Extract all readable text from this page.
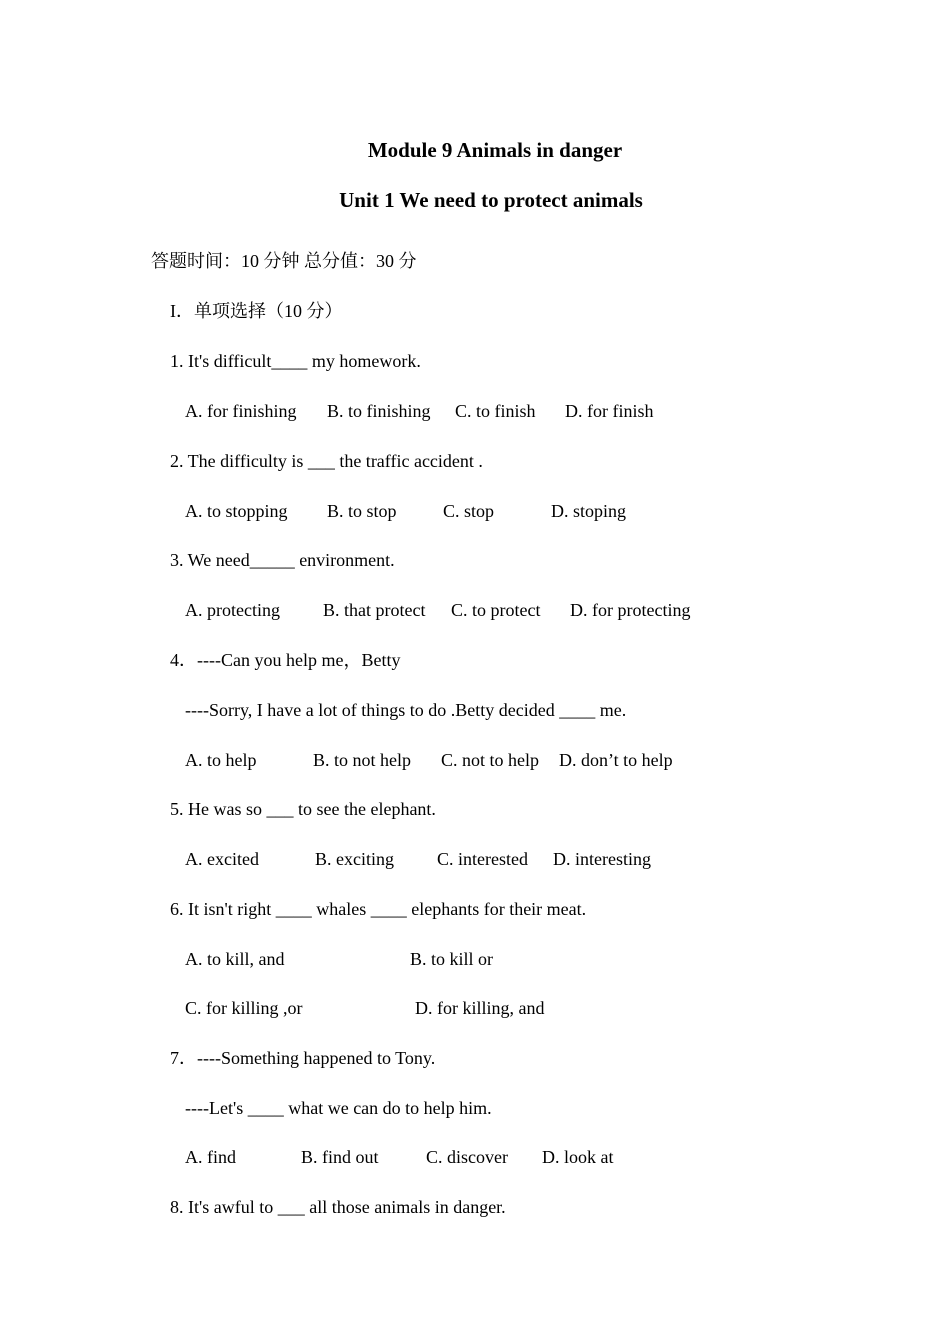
Module 9 Animals in danger
Unit 1 We need to protect animals
答题时间：10 分钟 总分值：30 分
I．单项选择（10 分）
1. It's difficult____ my homework.
A. for finishing B. to finishing C. to finish D. for finish
2. The difficulty is ___ the traffic accident .
A. to stopping B. to stop	C. stop	D. stoping
3. We need_____ environment.
A. protecting B. that protect C. to protect D. for protecting
4．----Can you help me，Betty
----Sorry, I have a lot of things to do .Betty decided ____ me.
A. to help	B. to not help C. not to help D. don’t to help
5. He was so ___ to see the elephant.
A. excited	B. exciting C. interested D. interesting
6. It isn't right ____ whales ____ elephants for their meat.
A. to kill, and	B. to kill or
C. for killing ,or	D. for killing, and
7．----Something happened to Tony.
----Let's ____ what we can do to help him.
A. find	B. find out	C. discover D. look at
8. It's awful to ___ all those animals in danger.
